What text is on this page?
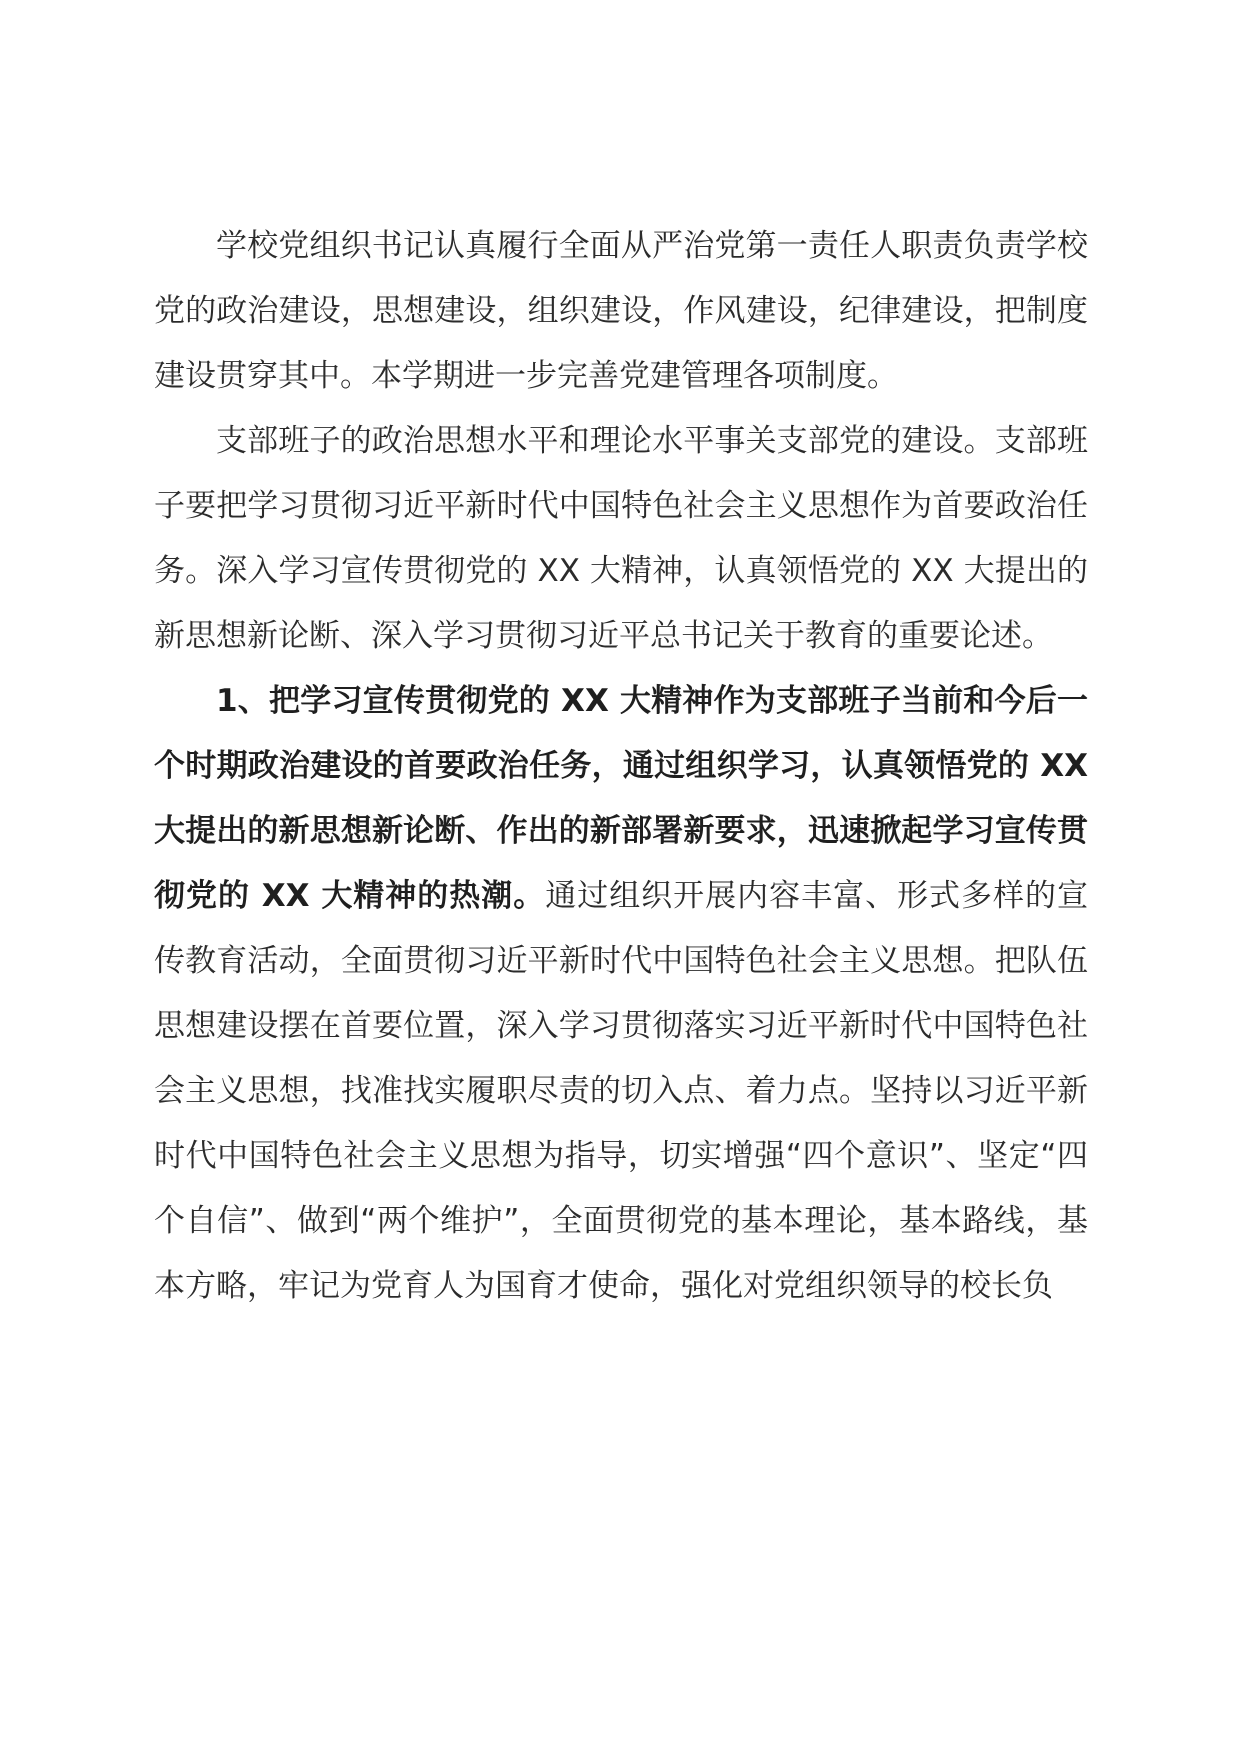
学校党组织书记认真履行全面从严治党第一责任人职责负责学校党的政治建设，思想建设，组织建设，作风建设，纪律建设，把制度建设贯穿其中。本学期进一步完善党建管理各项制度。

支部班子的政治思想水平和理论水平事关支部党的建设。支部班子要把学习贯彻习近平新时代中国特色社会主义思想作为首要政治任务。深入学习宣传贯彻党的 XX 大精神，认真领悟党的 XX 大提出的新思想新论断、深入学习贯彻习近平总书记关于教育的重要论述。

1、把学习宣传贯彻党的 XX 大精神作为支部班子当前和今后一个时期政治建设的首要政治任务，通过组织学习，认真领悟党的 XX 大提出的新思想新论断、作出的新部署新要求，迅速掀起学习宣传贯彻党的 XX 大精神的热潮。通过组织开展内容丰富、形式多样的宣传教育活动，全面贯彻习近平新时代中国特色社会主义思想。把队伍思想建设摆在首要位置，深入学习贯彻落实习近平新时代中国特色社会主义思想，找准找实履职尽责的切入点、着力点。坚持以习近平新时代中国特色社会主义思想为指导，切实增强“四个意识”、坚定“四个自信”、做到“两个维护”，全面贯彻党的基本理论，基本路线，基本方略，牢记为党育人为国育才使命，强化对党组织领导的校长负
